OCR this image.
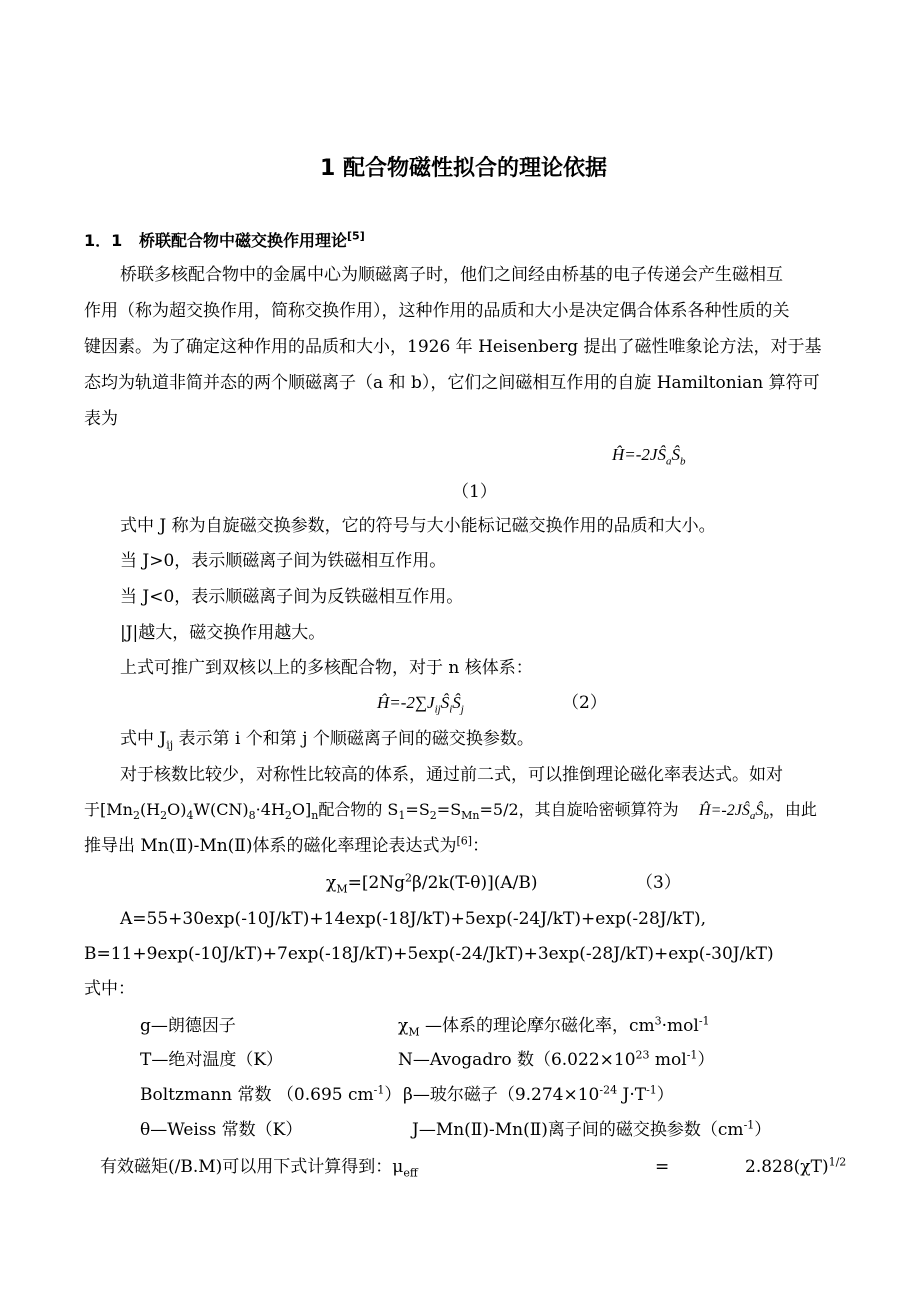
1 配合物磁性拟合的理论依据
1．1 桥联配合物中磁交换作用理论[5]
桥联多核配合物中的金属中心为顺磁离子时，他们之间经由桥基的电子传递会产生磁相互
作用（称为超交换作用，简称交换作用），这种作用的品质和大小是决定偶合体系各种性质的关
键因素。为了确定这种作用的品质和大小，1926 年 Heisenberg 提出了磁性唯象论方法，对于基
态均为轨道非简并态的两个顺磁离子（a 和 b），它们之间磁相互作用的自旋 Hamiltonian 算符可
表为
$Ĥ=-2JŜ_aŜ_b$
（1）
式中 J 称为自旋磁交换参数，它的符号与大小能标记磁交换作用的品质和大小。
当 J>0，表示顺磁离子间为铁磁相互作用。
当 J<0，表示顺磁离子间为反铁磁相互作用。
|J|越大，磁交换作用越大。
上式可推广到双核以上的多核配合物，对于 n 核体系：
$Ĥ=-2\sum J_{ij}Ŝ_iŜ_j$	（2）
式中 $J_{ij}$ 表示第 i 个和第 j 个顺磁离子间的磁交换参数。
对于核数比较少，对称性比较高的体系，通过前二式，可以推倒理论磁化率表达式。如对
于$[Mn_2(H_2O)_4W(CN)_8\cdot 4H_2O]_n$配合物的 $S_1=S_2=S_{Mn}=5/2$，其自旋哈密顿算符为 $Ĥ=-2JŜ_aŜ_b$，由此
推导出 Mn(Ⅱ)-Mn(Ⅱ)体系的磁化率理论表达式为[6]：
$\chi_M=[2Ng^2\beta/2k(T-\theta)](A/B)$	（3）
A=55+30exp(-10J/kT)+14exp(-18J/kT)+5exp(-24J/kT)+exp(-28J/kT),
B=11+9exp(-10J/kT)+7exp(-18J/kT)+5exp(-24/JkT)+3exp(-28J/kT)+exp(-30J/kT)
式中：
g—朗德因子	$\chi_M$ —体系的理论摩尔磁化率，$cm^3\cdot mol^{-1}$
T—绝对温度（K）	N—Avogadro 数（$6.022\times 10^{23}$ mol$^{-1}$）
Boltzmann 常数 （0.695 $cm^{-1}$） β—玻尔磁子（$9.274\times 10^{-24}$ $J\cdot T^{-1}$）
θ—Weiss 常数（K）	J—Mn(Ⅱ)-Mn(Ⅱ)离子间的磁交换参数$(cm^{-1})$
有效磁矩(/B.M)可以用下式计算得到：$\mu_{eff}$	=	$2.828(\chi T)^{1/2}$
